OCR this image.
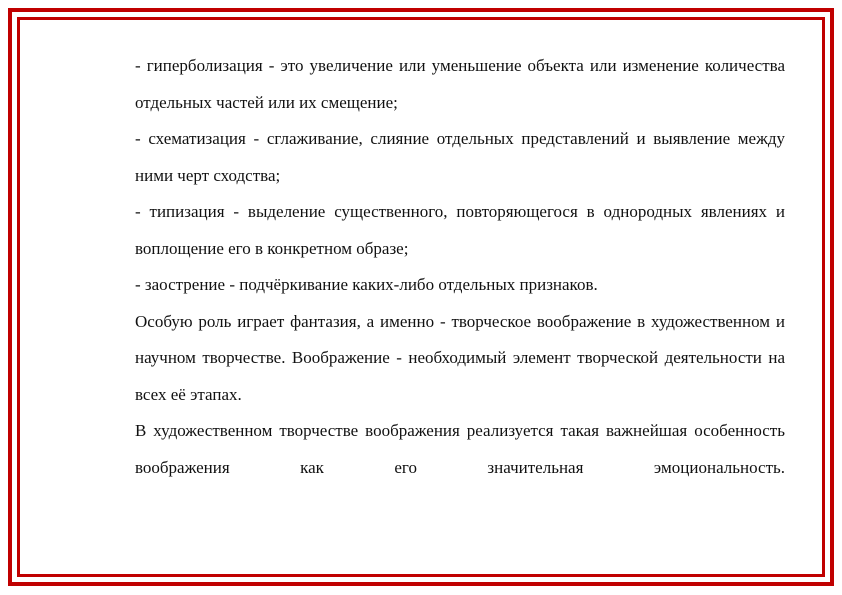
- гиперболизация - это увеличение или уменьшение объекта или изменение количества отдельных частей или их смещение;

- схематизация - сглаживание, слияние отдельных представлений и выявление между ними черт сходства;

- типизация - выделение существенного, повторяющегося в однородных явлениях и воплощение его в конкретном образе;

- заострение - подчёркивание каких-либо отдельных признаков.

Особую роль играет фантазия, а именно - творческое воображение в художественном и научном творчестве. Воображение - необходимый элемент творческой деятельности на всех её этапах.

В художественном творчестве воображения реализуется такая важнейшая особенность воображения как его значительная эмоциональность.
